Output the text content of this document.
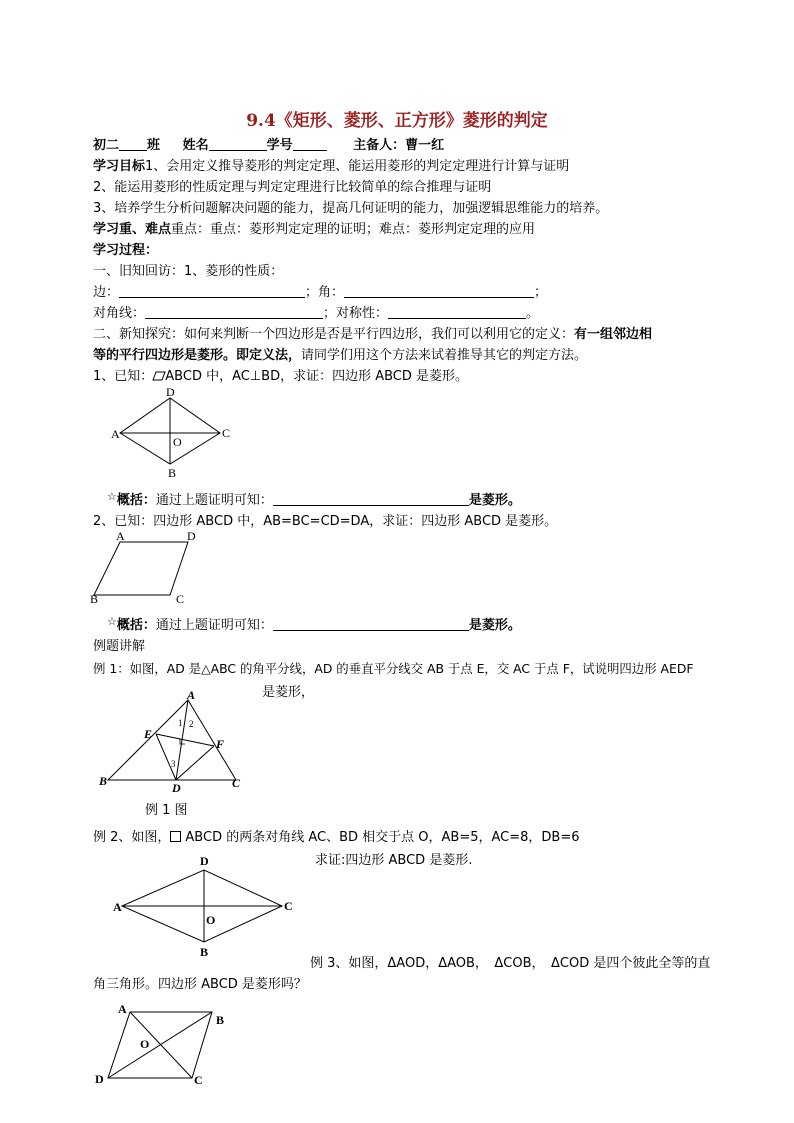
9.4《矩形、菱形、正方形》菱形的判定
初二 班 姓名	学号	主备人：曹一红
学习目标1、会用定义推导菱形的判定定理、能运用菱形的判定定理进行计算与证明
2、能运用菱形的性质定理与判定定理进行比较简单的综合推理与证明
3、培养学生分析问题解决问题的能力，提高几何证明的能力，加强逻辑思维能力的培养。
学习重、难点重点：重点：菱形判定定理的证明；难点：菱形判定定理的应用
学习过程：
一、旧知回访：1、菱形的性质：
边：	；角：	；
对角线：	；对称性：	。
二、新知探究：如何来判断一个四边形是否是平行四边形，我们可以利用它的定义：有一组邻边相
等的平行四边形是菱形。即定义法，请同学们用这个方法来试着推导其它的判定方法。
1、已知： ABCD 中，AC⊥BD，求证：四边形 ABCD 是菱形。
D
A	C
O
B
☆概括：通过上题证明可知：	是菱形。
2、已知：四边形 ABCD 中，AB=BC=CD=DA，求证：四边形 ABCD 是菱形。
A	D
B	C
☆概括：通过上题证明可知：	是菱形。
例题讲解
例 1：如图，AD 是△ABC 的角平分线，AD 的垂直平分线交 AB 于点 E，交 AC 于点 F，试说明四边形 AEDF
是菱形，
A
E
F
B	D	C
1 2
3
例 1 图
例 2、如图， ABCD 的两条对角线 AC、BD 相交于点 O，AB=5，AC=8，DB=6
求证:四边形 ABCD 是菱形.
D
A	C
O
B
例 3、如图，ΔAOD，ΔAOB，　ΔCOB，　ΔCOD 是四个彼此全等的直
角三角形。四边形 ABCD 是菱形吗？
A
B
O
D	C
